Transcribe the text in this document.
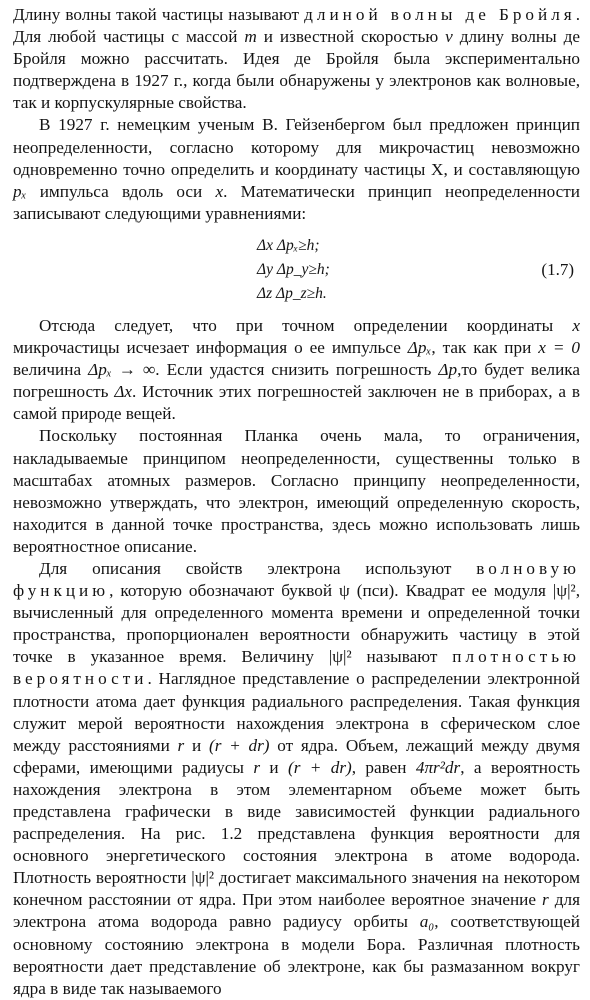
Длину волны такой частицы называют длиной волны де Бройля. Для любой частицы с массой m и известной скоростью v длину волны де Бройля можно рассчитать. Идея де Бройля была экспериментально подтверждена в 1927 г., когда были обнаружены у электронов как волновые, так и корпускулярные свойства.

В 1927 г. немецким ученым В. Гейзенбергом был предложен принцип неопределенности, согласно которому для микрочастиц невозможно одновременно точно определить и координату частицы Х, и составляющую pₓ импульса вдоль оси x. Математически принцип неопределенности записывают следующими уравнениями:

Δx Δpₓ≥h;
Δy Δp_y≥h;
Δz Δp_z≥h.
(1.7)

Отсюда следует, что при точном определении координаты x микрочастицы исчезает информация о ее импульсе Δpₓ, так как при x = 0 величина Δpₓ → ∞. Если удастся снизить погрешность Δp,то будет велика погрешность Δx. Источник этих погрешностей заключен не в приборах, а в самой природе вещей.

Поскольку постоянная Планка очень мала, то ограничения, накладываемые принципом неопределенности, существенны только в масштабах атомных размеров. Согласно принципу неопределенности, невозможно утверждать, что электрон, имеющий определенную скорость, находится в данной точке пространства, здесь можно использовать лишь вероятностное описание.

Для описания свойств электрона используют волновую функцию, которую обозначают буквой ψ (пси). Квадрат ее модуля |ψ|², вычисленный для определенного момента времени и определенной точки пространства, пропорционален вероятности обнаружить частицу в этой точке в указанное время. Величину |ψ|² называют плотностью вероятности. Наглядное представление о распределении электронной плотности атома дает функция радиального распределения. Такая функция служит мерой вероятности нахождения электрона в сферическом слое между расстояниями r и (r + dr) от ядра. Объем, лежащий между двумя сферами, имеющими радиусы r и (r + dr), равен 4πr²dr, а вероятность нахождения электрона в этом элементарном объеме может быть представлена графически в виде зависимостей функции радиального распределения. На рис. 1.2 представлена функция вероятности для основного энергетического состояния электрона в атоме водорода. Плотность вероятности |ψ|² достигает максимального значения на некотором конечном расстоянии от ядра. При этом наиболее вероятное значение r для электрона атома водорода равно радиусу орбиты a₀, соответствующей основному состоянию электрона в модели Бора. Различная плотность вероятности дает представление об электроне, как бы размазанном вокруг ядра в виде так называемого
